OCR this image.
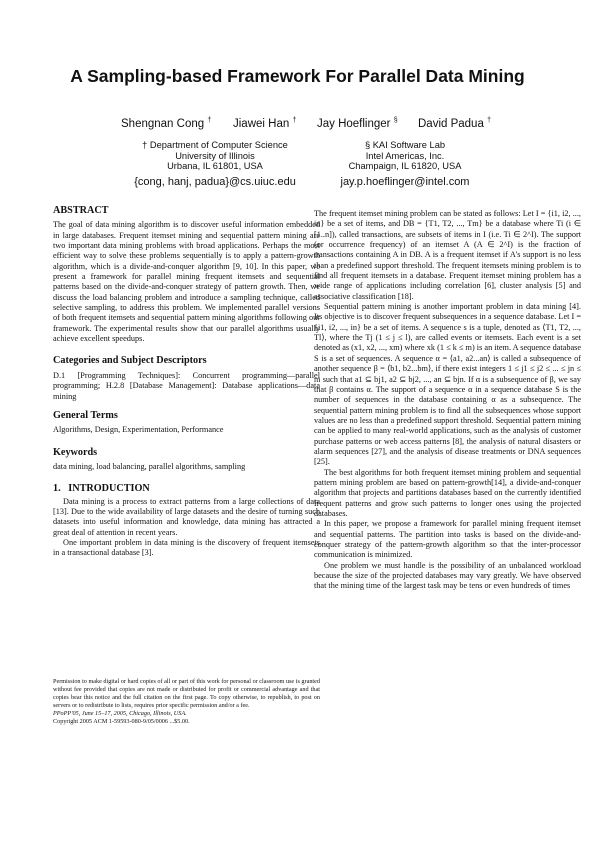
A Sampling-based Framework For Parallel Data Mining
Shengnan Cong † Jiawei Han † Jay Hoeflinger § David Padua †
† Department of Computer Science
University of Illinois
Urbana, IL 61801, USA
{cong, hanj, padua}@cs.uiuc.edu
§ KAI Software Lab
Intel Americas, Inc.
Champaign, IL 61820, USA
jay.p.hoeflinger@intel.com
ABSTRACT

The goal of data mining algorithm is to discover useful information embedded in large databases. Frequent itemset mining and sequential pattern mining are two important data mining problems with broad applications. Perhaps the most efficient way to solve these problems sequentially is to apply a pattern-growth algorithm, which is a divide-and-conquer algorithm [9, 10]. In this paper, we present a framework for parallel mining frequent itemsets and sequential patterns based on the divide-and-conquer strategy of pattern growth. Then, we discuss the load balancing problem and introduce a sampling technique, called selective sampling, to address this problem. We implemented parallel versions of both frequent itemsets and sequential pattern mining algorithms following our framework. The experimental results show that our parallel algorithms usually achieve excellent speedups.

Categories and Subject Descriptors

D.1 [Programming Techniques]: Concurrent programming—parallel programming; H.2.8 [Database Management]: Database applications—data mining

General Terms

Algorithms, Design, Experimentation, Performance

Keywords

data mining, load balancing, parallel algorithms, sampling

1.   INTRODUCTION

Data mining is a process to extract patterns from a large collections of data [13]. Due to the wide availability of large datasets and the desire of turning such datasets into useful information and knowledge, data mining has attracted a great deal of attention in recent years.

One important problem in data mining is the discovery of frequent itemsets in a transactional database [3].

Permission to make digital or hard copies of all or part of this work for personal or classroom use is granted without fee provided that copies are not made or distributed for profit or commercial advantage and that copies bear this notice and the full citation on the first page. To copy otherwise, to republish, to post on servers or to redistribute to lists, requires prior specific permission and/or a fee.

PPoPP'05, June 15–17, 2005, Chicago, Illinois, USA.

Copyright 2005 ACM 1-59593-080-9/05/0006 ...$5.00.

The frequent itemset mining problem can be stated as follows: Let I = {i1, i2, ..., in} be a set of items, and DB = {T1, T2, ..., Tm} be a database where Ti (i ∈ [1..n]), called transactions, are subsets of items in I (i.e. Ti ∈ 2^I). The support (or occurrence frequency) of an itemset A (A ∈ 2^I) is the fraction of transactions containing A in DB. A is a frequent itemset if A's support is no less than a predefined support threshold. The frequent itemsets mining problem is to find all frequent itemsets in a database. Frequent itemset mining problem has a wide range of applications including correlation [6], cluster analysis [5] and associative classification [18].

Sequential pattern mining is another important problem in data mining [4]. Its objective is to discover frequent subsequences in a sequence database. Let I = {i1, i2, ..., in} be a set of items. A sequence s is a tuple, denoted as ⟨T1, T2, ..., Tl⟩, where the Tj (1 ≤ j ≤ l), are called events or itemsets. Each event is a set denoted as (x1, x2, ..., xm) where xk (1 ≤ k ≤ m) is an item. A sequence database S is a set of sequences. A sequence α = ⟨a1, a2...an⟩ is called a subsequence of another sequence β = ⟨b1, b2...bm⟩, if there exist integers 1 ≤ j1 ≤ j2 ≤ ... ≤ jn ≤ m such that a1 ⊆ bj1, a2 ⊆ bj2, ..., an ⊆ bjn. If α is a subsequence of β, we say that β contains α. The support of a sequence α in a sequence database S is the number of sequences in the database containing α as a subsequence. The sequential pattern mining problem is to find all the subsequences whose support values are no less than a predefined support threshold. Sequential pattern mining can be applied to many real-world applications, such as the analysis of customer purchase patterns or web access patterns [8], the analysis of natural disasters or alarm sequences [27], and the analysis of disease treatments or DNA sequences [25].

The best algorithms for both frequent itemset mining problem and sequential pattern mining problem are based on pattern-growth[14], a divide-and-conquer algorithm that projects and partitions databases based on the currently identified frequent patterns and grow such patterns to longer ones using the projected databases.

In this paper, we propose a framework for parallel mining frequent itemset and sequential patterns. The partition into tasks is based on the divide-and-conquer strategy of the pattern-growth algorithm so that the inter-processor communication is minimized.

One problem we must handle is the possibility of an unbalanced workload because the size of the projected databases may vary greatly. We have observed that the mining time of the largest task may be tens or even hundreds of times
